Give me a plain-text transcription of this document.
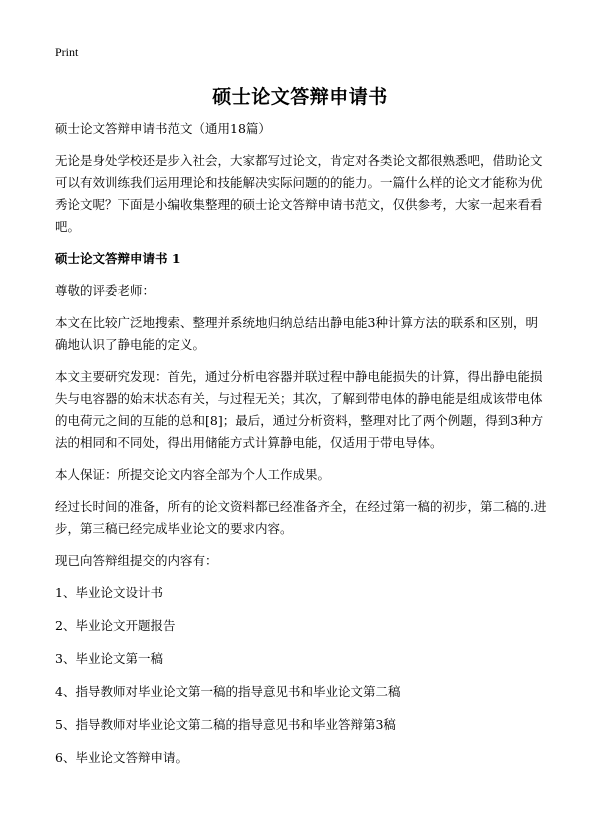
Print
硕士论文答辩申请书

硕士论文答辩申请书范文（通用18篇）

无论是身处学校还是步入社会，大家都写过论文，肯定对各类论文都很熟悉吧，借助论文可以有效训练我们运用理论和技能解决实际问题的的能力。一篇什么样的论文才能称为优秀论文呢？下面是小编收集整理的硕士论文答辩申请书范文，仅供参考，大家一起来看看吧。

硕士论文答辩申请书 1

尊敬的评委老师：

本文在比较广泛地搜索、整理并系统地归纳总结出静电能3种计算方法的联系和区别，明确地认识了静电能的定义。

本文主要研究发现：首先，通过分析电容器并联过程中静电能损失的计算，得出静电能损失与电容器的始末状态有关，与过程无关；其次，了解到带电体的静电能是组成该带电体的电荷元之间的互能的总和[8]；最后，通过分析资料，整理对比了两个例题，得到3种方法的相同和不同处，得出用储能方式计算静电能，仅适用于带电导体。

本人保证：所提交论文内容全部为个人工作成果。

经过长时间的准备，所有的论文资料都已经准备齐全，在经过第一稿的初步，第二稿的.进步，第三稿已经完成毕业论文的要求内容。

现已向答辩组提交的内容有：

1、毕业论文设计书

2、毕业论文开题报告

3、毕业论文第一稿

4、指导教师对毕业论文第一稿的指导意见书和毕业论文第二稿

5、指导教师对毕业论文第二稿的指导意见书和毕业答辩第3稿

6、毕业论文答辩申请。
